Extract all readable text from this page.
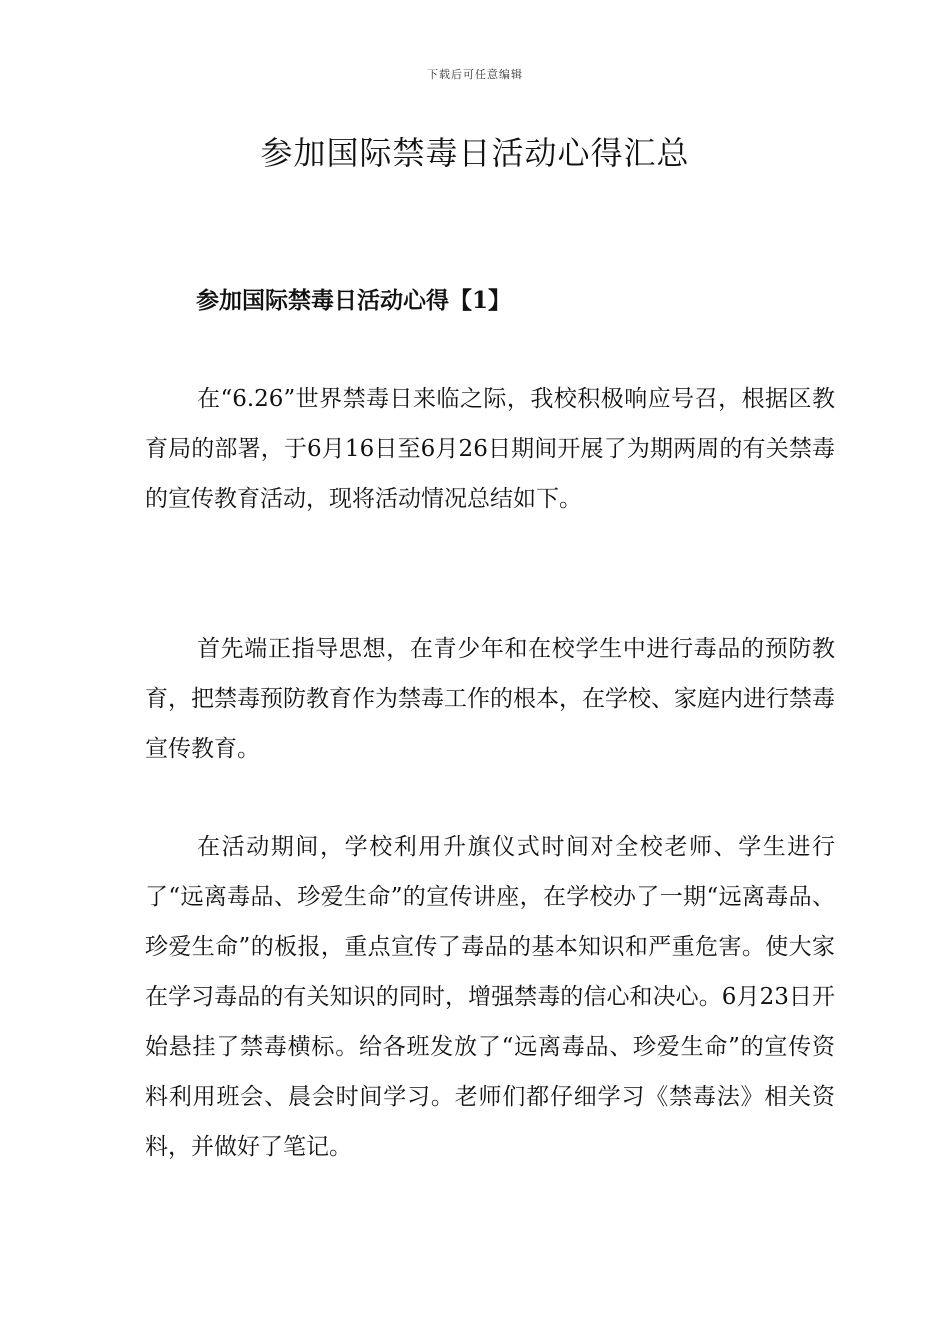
下载后可任意编辑
参加国际禁毒日活动心得汇总
参加国际禁毒日活动心得【1】

在“6.26”世界禁毒日来临之际，我校积极响应号召，根据区教育局的部署，于6月16日至6月26日期间开展了为期两周的有关禁毒的宣传教育活动，现将活动情况总结如下。

首先端正指导思想，在青少年和在校学生中进行毒品的预防教育，把禁毒预防教育作为禁毒工作的根本，在学校、家庭内进行禁毒宣传教育。

在活动期间，学校利用升旗仪式时间对全校老师、学生进行了“远离毒品、珍爱生命”的宣传讲座，在学校办了一期“远离毒品、珍爱生命”的板报，重点宣传了毒品的基本知识和严重危害。使大家在学习毒品的有关知识的同时，增强禁毒的信心和决心。6月23日开始悬挂了禁毒横标。给各班发放了“远离毒品、珍爱生命”的宣传资料利用班会、晨会时间学习。老师们都仔细学习《禁毒法》相关资料，并做好了笔记。
